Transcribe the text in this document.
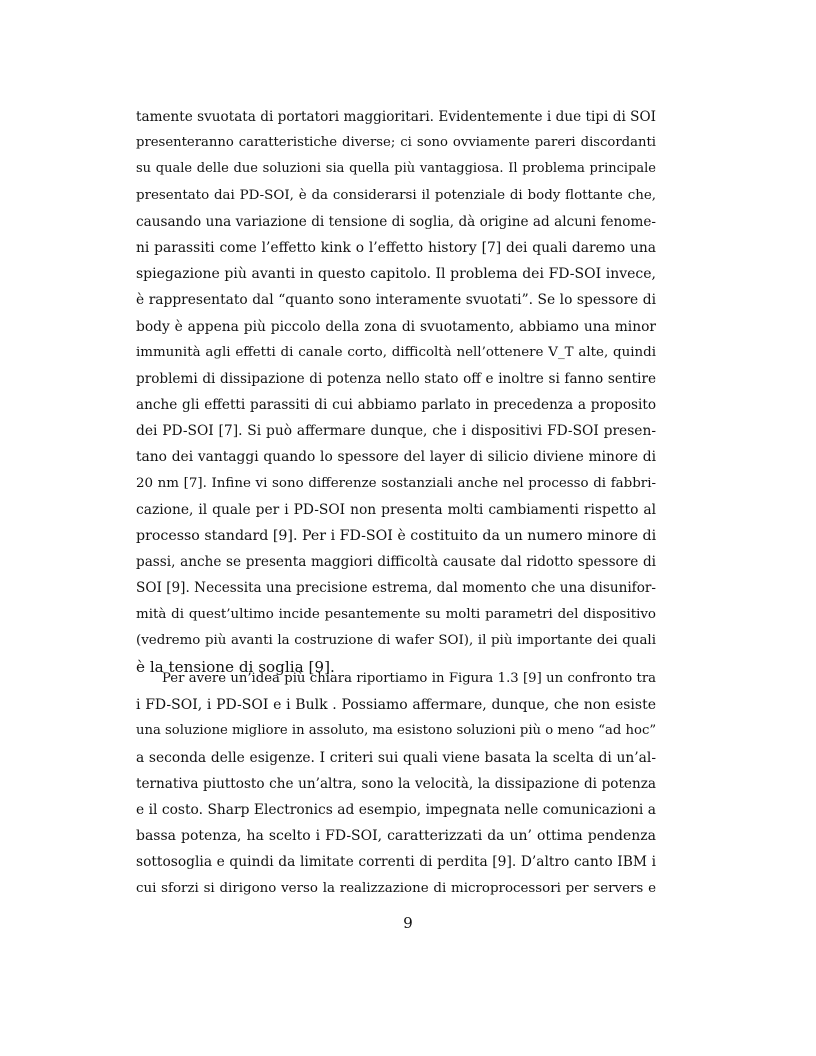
tamente svuotata di portatori maggioritari. Evidentemente i due tipi di SOI
presenteranno caratteristiche diverse; ci sono ovviamente pareri discordanti
su quale delle due soluzioni sia quella più vantaggiosa. Il problema principale
presentato dai PD-SOI, è da considerarsi il potenziale di body flottante che,
causando una variazione di tensione di soglia, dà origine ad alcuni fenome-
ni parassiti come l’effetto kink o l’effetto history [7] dei quali daremo una
spiegazione più avanti in questo capitolo. Il problema dei FD-SOI invece,
è rappresentato dal “quanto sono interamente svuotati”. Se lo spessore di
body è appena più piccolo della zona di svuotamento, abbiamo una minor
immunità agli effetti di canale corto, difficoltà nell’ottenere V_T alte, quindi
problemi di dissipazione di potenza nello stato off e inoltre si fanno sentire
anche gli effetti parassiti di cui abbiamo parlato in precedenza a proposito
dei PD-SOI [7]. Si può affermare dunque, che i dispositivi FD-SOI presen-
tano dei vantaggi quando lo spessore del layer di silicio diviene minore di
20 nm [7]. Infine vi sono differenze sostanziali anche nel processo di fabbri-
cazione, il quale per i PD-SOI non presenta molti cambiamenti rispetto al
processo standard [9]. Per i FD-SOI è costituito da un numero minore di
passi, anche se presenta maggiori difficoltà causate dal ridotto spessore di
SOI [9]. Necessita una precisione estrema, dal momento che una disunifor-
mità di quest’ultimo incide pesantemente su molti parametri del dispositivo
(vedremo più avanti la costruzione di wafer SOI), il più importante dei quali
è la tensione di soglia [9].
Per avere un’idea più chiara riportiamo in Figura 1.3 [9] un confronto tra
i FD-SOI, i PD-SOI e i Bulk . Possiamo affermare, dunque, che non esiste
una soluzione migliore in assoluto, ma esistono soluzioni più o meno “ad hoc”
a seconda delle esigenze. I criteri sui quali viene basata la scelta di un’al-
ternativa piuttosto che un’altra, sono la velocità, la dissipazione di potenza
e il costo. Sharp Electronics ad esempio, impegnata nelle comunicazioni a
bassa potenza, ha scelto i FD-SOI, caratterizzati da un’ ottima pendenza
sottosoglia e quindi da limitate correnti di perdita [9]. D’altro canto IBM i
cui sforzi si dirigono verso la realizzazione di microprocessori per servers e
9
